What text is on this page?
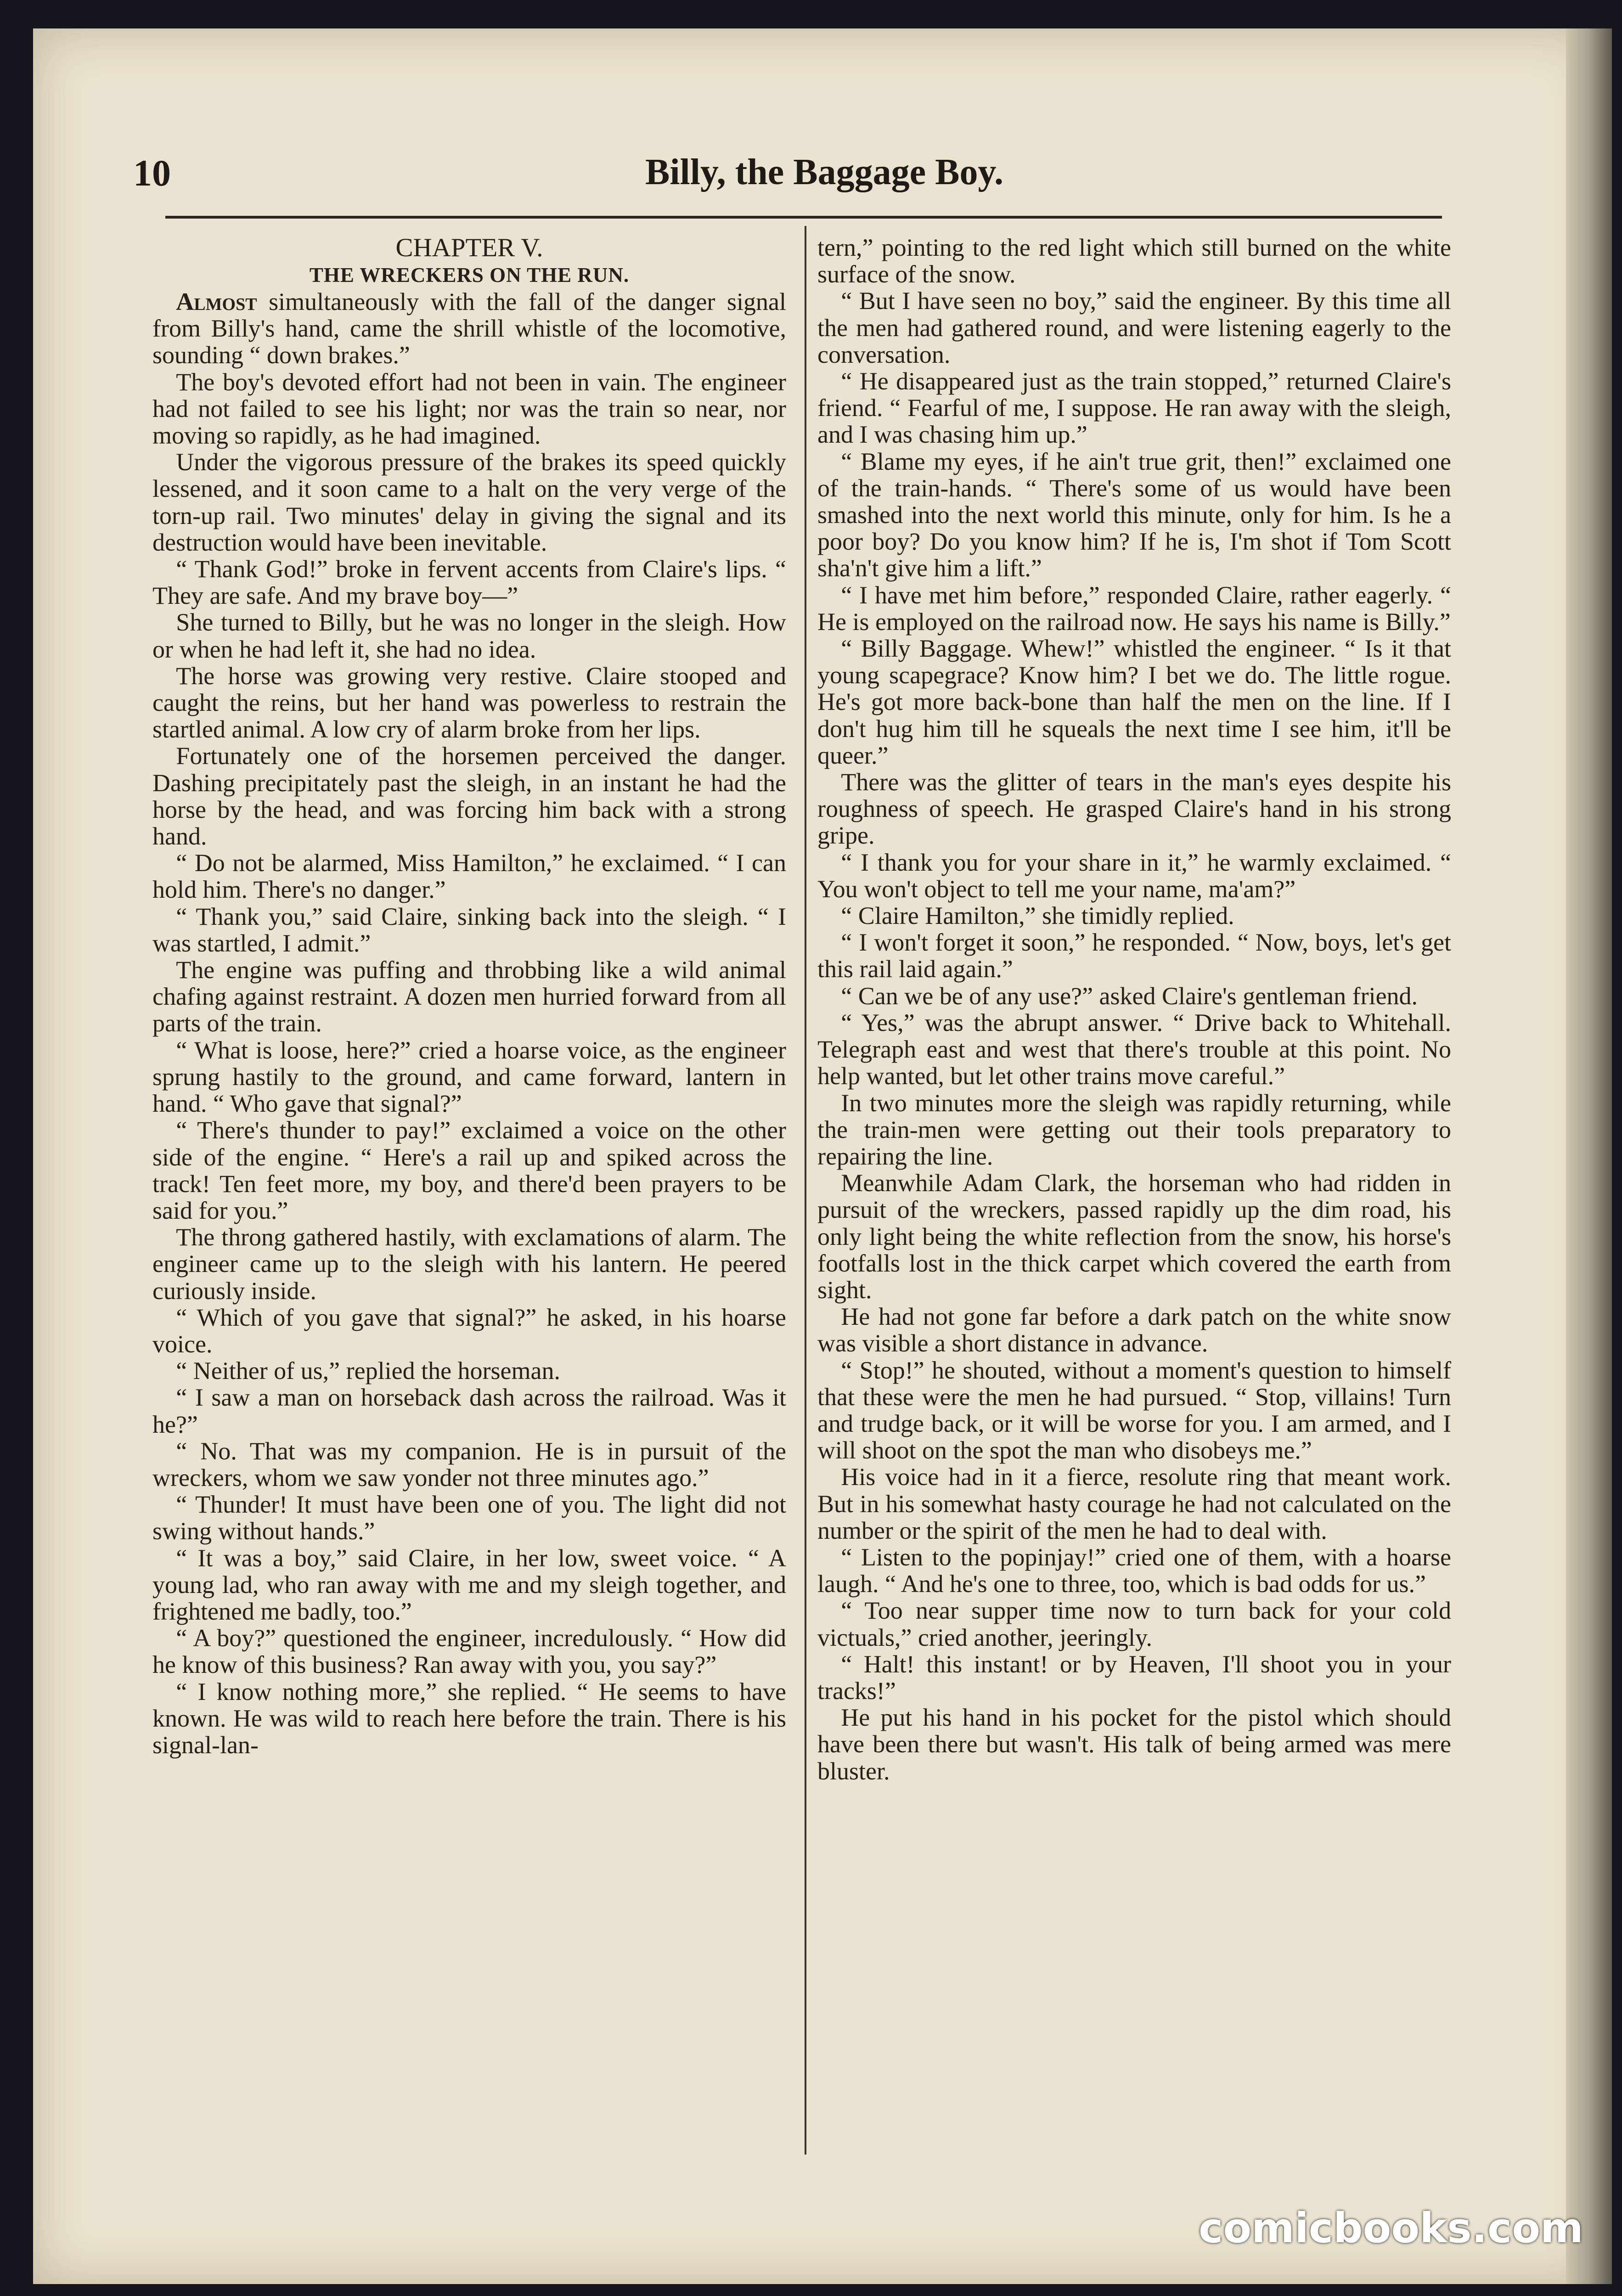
10	Billy, the Baggage Boy.

CHAPTER V.

THE WRECKERS ON THE RUN.

Almost simultaneously with the fall of the danger signal from Billy's hand, came the shrill whistle of the locomotive, sounding “ down brakes.”

The boy's devoted effort had not been in vain. The engineer had not failed to see his light; nor was the train so near, nor moving so rapidly, as he had imagined.

Under the vigorous pressure of the brakes its speed quickly lessened, and it soon came to a halt on the very verge of the torn-up rail. Two minutes' delay in giving the signal and its destruction would have been inevitable.

“ Thank God!” broke in fervent accents from Claire's lips. “ They are safe. And my brave boy—”

She turned to Billy, but he was no longer in the sleigh. How or when he had left it, she had no idea.

The horse was growing very restive. Claire stooped and caught the reins, but her hand was powerless to restrain the startled animal. A low cry of alarm broke from her lips.

Fortunately one of the horsemen perceived the danger. Dashing precipitately past the sleigh, in an instant he had the horse by the head, and was forcing him back with a strong hand.

“ Do not be alarmed, Miss Hamilton,” he exclaimed. “ I can hold him. There's no danger.”

“ Thank you,” said Claire, sinking back into the sleigh. “ I was startled, I admit.”

The engine was puffing and throbbing like a wild animal chafing against restraint. A dozen men hurried forward from all parts of the train.

“ What is loose, here?” cried a hoarse voice, as the engineer sprung hastily to the ground, and came forward, lantern in hand. “ Who gave that signal?”

“ There's thunder to pay!” exclaimed a voice on the other side of the engine. “ Here's a rail up and spiked across the track! Ten feet more, my boy, and there'd been prayers to be said for you.”

The throng gathered hastily, with exclamations of alarm. The engineer came up to the sleigh with his lantern. He peered curiously inside.

“ Which of you gave that signal?” he asked, in his hoarse voice.

“ Neither of us,” replied the horseman.

“ I saw a man on horseback dash across the railroad. Was it he?”

“ No. That was my companion. He is in pursuit of the wreckers, whom we saw yonder not three minutes ago.”

“ Thunder! It must have been one of you. The light did not swing without hands.”

“ It was a boy,” said Claire, in her low, sweet voice. “ A young lad, who ran away with me and my sleigh together, and frightened me badly, too.”

“ A boy?” questioned the engineer, incredulously. “ How did he know of this business? Ran away with you, you say?”

“ I know nothing more,” she replied. “ He seems to have known. He was wild to reach here before the train. There is his signal-lan-

tern,” pointing to the red light which still burned on the white surface of the snow.

“ But I have seen no boy,” said the engineer. By this time all the men had gathered round, and were listening eagerly to the conversation.

“ He disappeared just as the train stopped,” returned Claire's friend. “ Fearful of me, I suppose. He ran away with the sleigh, and I was chasing him up.”

“ Blame my eyes, if he ain't true grit, then!” exclaimed one of the train-hands. “ There's some of us would have been smashed into the next world this minute, only for him. Is he a poor boy? Do you know him? If he is, I'm shot if Tom Scott sha'n't give him a lift.”

“ I have met him before,” responded Claire, rather eagerly. “ He is employed on the railroad now. He says his name is Billy.”

“ Billy Baggage. Whew!” whistled the engineer. “ Is it that young scapegrace? Know him? I bet we do. The little rogue. He's got more back-bone than half the men on the line. If I don't hug him till he squeals the next time I see him, it'll be queer.”

There was the glitter of tears in the man's eyes despite his roughness of speech. He grasped Claire's hand in his strong gripe.

“ I thank you for your share in it,” he warmly exclaimed. “ You won't object to tell me your name, ma'am?”

“ Claire Hamilton,” she timidly replied.

“ I won't forget it soon,” he responded. “ Now, boys, let's get this rail laid again.”

“ Can we be of any use?” asked Claire's gentleman friend.

“ Yes,” was the abrupt answer. “ Drive back to Whitehall. Telegraph east and west that there's trouble at this point. No help wanted, but let other trains move careful.”

In two minutes more the sleigh was rapidly returning, while the train-men were getting out their tools preparatory to repairing the line.

Meanwhile Adam Clark, the horseman who had ridden in pursuit of the wreckers, passed rapidly up the dim road, his only light being the white reflection from the snow, his horse's footfalls lost in the thick carpet which covered the earth from sight.

He had not gone far before a dark patch on the white snow was visible a short distance in advance.

“ Stop!” he shouted, without a moment's question to himself that these were the men he had pursued. “ Stop, villains! Turn and trudge back, or it will be worse for you. I am armed, and I will shoot on the spot the man who disobeys me.”

His voice had in it a fierce, resolute ring that meant work. But in his somewhat hasty courage he had not calculated on the number or the spirit of the men he had to deal with.

“ Listen to the popinjay!” cried one of them, with a hoarse laugh. “ And he's one to three, too, which is bad odds for us.”

“ Too near supper time now to turn back for your cold victuals,” cried another, jeeringly.

“ Halt! this instant! or by Heaven, I'll shoot you in your tracks!”

He put his hand in his pocket for the pistol which should have been there but wasn't. His talk of being armed was mere bluster.

comicbooks.com
